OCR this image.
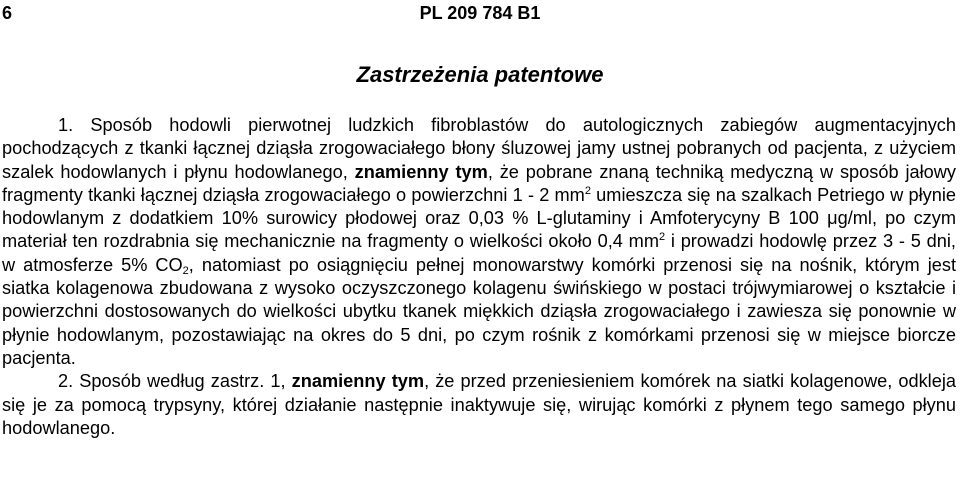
6	PL 209 784 B1
Zastrzeżenia patentowe

1. Sposób hodowli pierwotnej ludzkich fibroblastów do autologicznych zabiegów augmentacyjnych pochodzących z tkanki łącznej dziąsła zrogowaciałego błony śluzowej jamy ustnej pobranych od pacjenta, z użyciem szalek hodowlanych i płynu hodowlanego, znamienny tym, że pobrane znaną techniką medyczną w sposób jałowy fragmenty tkanki łącznej dziąsła zrogowaciałego o powierzchni 1 - 2 $mm^2$ umieszcza się na szalkach Petriego w płynie hodowlanym z dodatkiem 10% surowicy płodowej oraz 0,03 % L-glutaminy i Amfoterycyny B 100 μg/ml, po czym materiał ten rozdrabnia się mechanicznie na fragmenty o wielkości około 0,4 $mm^2$ i prowadzi hodowlę przez 3 - 5 dni, w atmosferze 5% $CO_2$, natomiast po osiągnięciu pełnej monowarstwy komórki przenosi się na nośnik, którym jest siatka kolagenowa zbudowana z wysoko oczyszczonego kolagenu świńskiego w postaci trójwymiarowej o kształcie i powierzchni dostosowanych do wielkości ubytku tkanek miękkich dziąsła zrogowaciałego i zawiesza się ponownie w płynie hodowlanym, pozostawiając na okres do 5 dni, po czym rośnik z komórkami przenosi się w miejsce biorcze pacjenta.

2. Sposób według zastrz. 1, znamienny tym, że przed przeniesieniem komórek na siatki kolagenowe, odkleja się je za pomocą trypsyny, której działanie następnie inaktywuje się, wirując komórki z płynem tego samego płynu hodowlanego.
